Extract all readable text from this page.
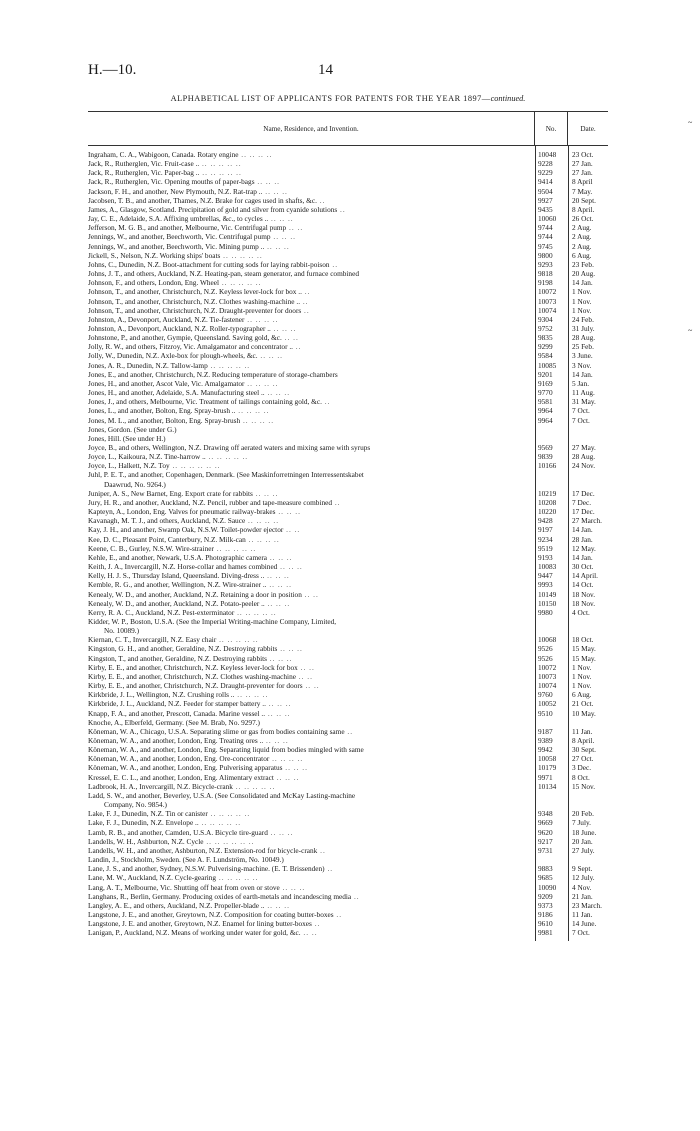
H.—10.	14
ALPHABETICAL LIST OF APPLICANTS FOR PATENTS FOR THE YEAR 1897—continued.
Name, Residence, and Invention.	No.	Date.
Ingraham, C. A., Wabigoon, Canada. Rotary engine .. .. .. ..	10048	23 Oct.
Jack, R., Rutherglen, Vic. Fruit-case .. .. .. .. .. ..	9228	27 Jan.
Jack, R., Rutherglen, Vic. Paper-bag .. .. .. .. .. ..	9229	27 Jan.
Jack, R., Rutherglen, Vic. Opening mouths of paper-bags .. .. ..	9414	8 April
Jackson, F. H., and another, New Plymouth, N.Z. Rat-trap .. .. .. ..	9504	7 May.
Jacobsen, T. B., and another, Thames, N.Z. Brake for cages used in shafts, &c. ..	9927	20 Sept.
James, A., Glasgow, Scotland. Precipitation of gold and silver from cyanide solutions ..	9435	8 April.
Jay, C. E., Adelaide, S.A. Affixing umbrellas, &c., to cycles .. .. .. ..	10060	26 Oct.
Jefferson, M. G. B., and another, Melbourne, Vic. Centrifugal pump .. ..	9744	2 Aug.
Jennings, W., and another, Beechworth, Vic. Centrifugal pump .. .. ..	9744	2 Aug.
Jennings, W., and another, Beechworth, Vic. Mining pump .. .. .. ..	9745	2 Aug.
Jickell, S., Nelson, N.Z. Working ships' boats .. .. .. .. ..	9800	6 Aug.
Johns, C., Dunedin, N.Z. Boot-attachment for cutting sods for laying rabbit-poison ..	9293	23 Feb.
Johns, J. T., and others, Auckland, N.Z. Heating-pan, steam generator, and furnace combined	9818	20 Aug.
Johnson, F., and others, London, Eng. Wheel .. .. .. .. ..	9198	14 Jan.
Johnson, T., and another, Christchurch, N.Z. Keyless lever-lock for box .. ..	10072	1 Nov.
Johnson, T., and another, Christchurch, N.Z. Clothes washing-machine .. ..	10073	1 Nov.
Johnson, T., and another, Christchurch, N.Z. Draught-preventer for doors ..	10074	1 Nov.
Johnston, A., Devonport, Auckland, N.Z. Tie-fastener .. .. .. ..	9304	24 Feb.
Johnston, A., Devonport, Auckland, N.Z. Roller-typographer .. .. .. ..	9752	31 July.
Johnstone, P., and another, Gympie, Queensland. Saving gold, &c. .. ..	9835	28 Aug.
Jolly, R. W., and others, Fitzroy, Vic. Amalgamator and concentrator .. ..	9299	25 Feb.
Jolly, W., Dunedin, N.Z. Axle-box for plough-wheels, &c. .. .. ..	9584	3 June.
Jones, A. R., Dunedin, N.Z. Tallow-lamp .. .. .. .. ..	10085	3 Nov.
Jones, E., and another, Christchurch, N.Z. Reducing temperature of storage-chambers	9201	14 Jan.
Jones, H., and another, Ascot Vale, Vic. Amalgamator .. .. .. ..	9169	5 Jan.
Jones, H., and another, Adelaide, S.A. Manufacturing steel .. .. .. ..	9770	11 Aug.
Jones, J., and others, Melbourne, Vic. Treatment of tailings containing gold, &c. ..	9581	31 May.
Jones, L., and another, Bolton, Eng. Spray-brush .. .. .. .. ..	9964	7 Oct.
Jones, M. L., and another, Bolton, Eng. Spray-brush .. .. .. ..	9964	7 Oct.
Jones, Gordon. (See under G.)
Jones, Hill. (See under H.)
Joyce, B., and others, Wellington, N.Z. Drawing off aerated waters and mixing same with syrups	9569	27 May.
Joyce, L., Kaikoura, N.Z. Tine-harrow .. .. .. .. .. ..	9839	28 Aug.
Joyce, L., Halkett, N.Z. Toy .. .. .. .. .. ..	10166	24 Nov.
Juhl, P. E. T., and another, Copenhagen, Denmark. (See Maskinforretningen Interressentskabet
Daawrud, No. 9264.)
Juniper, A. S., New Barnet, Eng. Export crate for rabbits .. .. ..	10219	17 Dec.
Jury, H. R., and another, Auckland, N.Z. Pencil, rubber and tape-measure combined ..	10208	7 Dec.
Kapteyn, A., London, Eng. Valves for pneumatic railway-brakes .. .. ..	10220	17 Dec.
Kavanagh, M. T. J., and others, Auckland, N.Z. Sauce .. .. .. ..	9428	27 March.
Kay, J. H., and another, Swamp Oak, N.S.W. Toilet-powder ejector .. ..	9197	14 Jan.
Kee, D. C., Pleasant Point, Canterbury, N.Z. Milk-can .. .. .. ..	9234	28 Jan.
Keene, C. B., Gurley, N.S.W. Wire-strainer .. .. .. .. ..	9519	12 May.
Kehle, E., and another, Newark, U.S.A. Photographic camera .. .. ..	9193	14 Jan.
Keith, J. A., Invercargill, N.Z. Horse-collar and hames combined .. .. ..	10083	30 Oct.
Kelly, H. J. S., Thursday Island, Queensland. Diving-dress .. .. .. ..	9447	14 April.
Kemble, R. G., and another, Wellington, N.Z. Wire-strainer .. .. .. ..	9993	14 Oct.
Kenealy, W. D., and another, Auckland, N.Z. Retaining a door in position .. ..	10149	18 Nov.
Kenealy, W. D., and another, Auckland, N.Z. Potato-peeler .. .. .. ..	10150	18 Nov.
Kerry, R. A. C., Auckland, N.Z. Pest-exterminator .. .. .. .. ..	9980	4 Oct.
Kidder, W. P., Boston, U.S.A. (See the Imperial Writing-machine Company, Limited,
No. 10089.)
Kiernan, C. T., Invercargill, N.Z. Easy chair .. .. .. .. ..	10068	18 Oct.
Kingston, G. H., and another, Geraldine, N.Z. Destroying rabbits .. .. ..	9526	15 May.
Kingston, T., and another, Geraldine, N.Z. Destroying rabbits .. .. ..	9526	15 May.
Kirby, E. E., and another, Christchurch, N.Z. Keyless lever-lock for box .. ..	10072	1 Nov.
Kirby, E. E., and another, Christchurch, N.Z. Clothes washing-machine .. ..	10073	1 Nov.
Kirby, E. E., and another, Christchurch, N.Z. Draught-preventer for doors .. ..	10074	1 Nov.
Kirkbride, J. L., Wellington, N.Z. Crushing rolls .. .. .. .. ..	9760	6 Aug.
Kirkbride, J. L., Auckland, N.Z. Feeder for stamper battery .. .. .. ..	10052	21 Oct.
Knapp, F. A., and another, Prescott, Canada. Marine vessel .. .. .. ..	9510	10 May.
Knoche, A., Elberfeld, Germany. (See M. Brab, No. 9297.)
Köneman, W. A., Chicago, U.S.A. Separating slime or gas from bodies containing same ..	9187	11 Jan.
Köneman, W. A., and another, London, Eng. Treating ores .. .. .. ..	9389	8 April.
Köneman, W. A., and another, London, Eng. Separating liquid from bodies mingled with same	9942	30 Sept.
Köneman, W. A., and another, London, Eng. Ore-concentrator .. .. .. ..	10058	27 Oct.
Köneman, W. A., and another, London, Eng. Pulverising apparatus .. .. ..	10179	3 Dec.
Kressel, E. C. L., and another, London, Eng. Alimentary extract .. .. ..	9971	8 Oct.
Ladbrook, H. A., Invercargill, N.Z. Bicycle-crank .. .. .. .. ..	10134	15 Nov.
Ladd, S. W., and another, Beverley, U.S.A. (See Consolidated and McKay Lasting-machine
Company, No. 9854.)
Lake, F. J., Dunedin, N.Z. Tin or canister .. .. .. .. ..	9348	20 Feb.
Lake, F. J., Dunedin, N.Z. Envelope .. .. .. .. .. ..	9669	7 July.
Lamb, R. B., and another, Camden, U.S.A. Bicycle tire-guard .. .. ..	9620	18 June.
Landells, W. H., Ashburton, N.Z. Cycle .. .. .. .. .. ..	9217	20 Jan.
Landells, W. H., and another, Ashburton, N.Z. Extension-rod for bicycle-crank ..	9731	27 July.
Landin, J., Stockholm, Sweden. (See A. F. Lundström, No. 10049.)
Lane, J. S., and another, Sydney, N.S.W. Pulverising-machine. (E. T. Brissenden) ..	9883	9 Sept.
Lane, M. W., Auckland, N.Z. Cycle-gearing .. .. .. .. ..	9685	12 July.
Lang, A. T., Melbourne, Vic. Shutting off heat from oven or stove .. .. ..	10090	4 Nov.
Langhans, R., Berlin, Germany. Producing oxides of earth-metals and incandescing media ..	9209	21 Jan.
Langley, A. E., and others, Auckland, N.Z. Propeller-blade .. .. .. ..	9373	23 March.
Langstone, J. E., and another, Greytown, N.Z. Composition for coating butter-boxes ..	9186	11 Jan.
Langstone, J. E. and another, Greytown, N.Z. Enamel for lining butter-boxes ..	9610	14 June.
Lanigan, P., Auckland, N.Z. Means of working under water for gold, &c. .. ..	9981	7 Oct.
~
~
